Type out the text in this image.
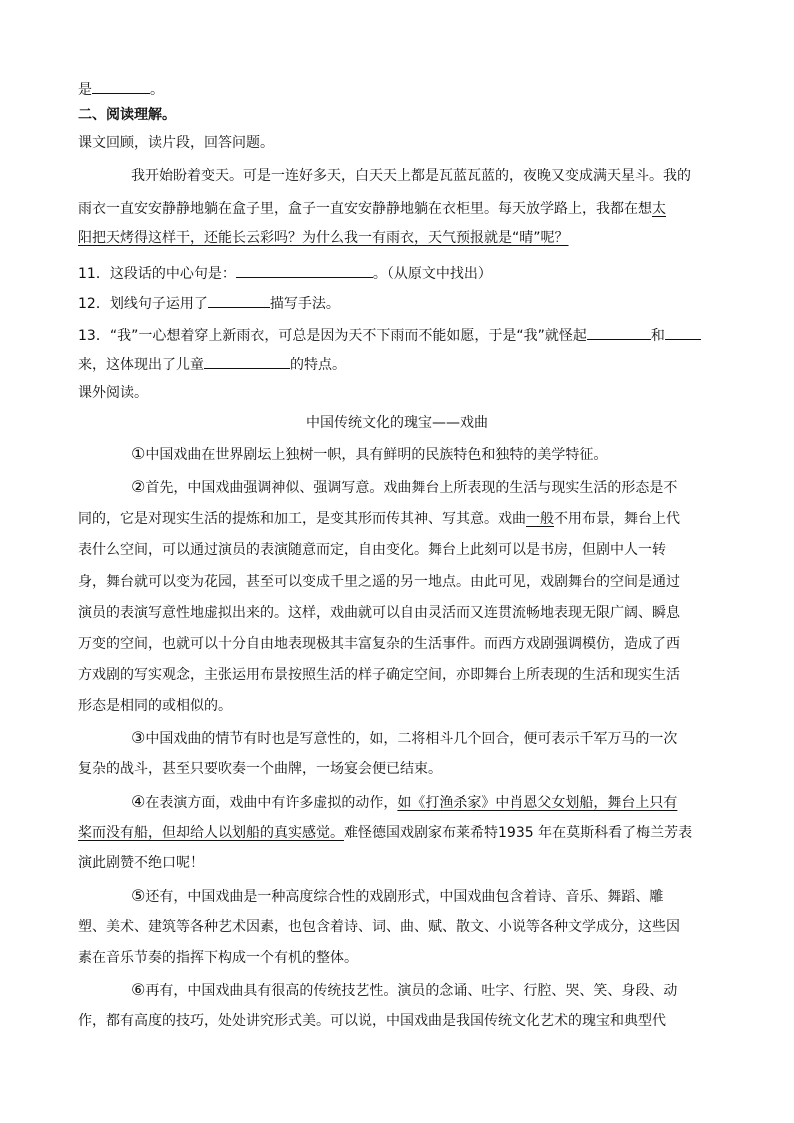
是	。
二、阅读理解。
课文回顾，读片段，回答问题。
我开始盼着变天。可是一连好多天，白天天上都是瓦蓝瓦蓝的，夜晚又变成满天星斗。我的
雨衣一直安安静静地躺在盒子里，盒子一直安安静静地躺在衣柜里。每天放学路上，我都在想太
阳把天烤得这样干，还能长云彩吗？为什么我一有雨衣，天气预报就是“晴”呢？
11．这段话的中心句是：	。（从原文中找出）
12．划线句子运用了	描写手法。
13．“我”一心想着穿上新雨衣，可总是因为天不下雨而不能如愿，于是“我”就怪起	和
来，这体现出了儿童	的特点。
课外阅读。
中国传统文化的瑰宝——戏曲
①中国戏曲在世界剧坛上独树一帜，具有鲜明的民族特色和独特的美学特征。
②首先，中国戏曲强调神似、强调写意。戏曲舞台上所表现的生活与现实生活的形态是不
同的，它是对现实生活的提炼和加工，是变其形而传其神、写其意。戏曲一般不用布景，舞台上代
表什么空间，可以通过演员的表演随意而定，自由变化。舞台上此刻可以是书房，但剧中人一转
身，舞台就可以变为花园，甚至可以变成千里之遥的另一地点。由此可见，戏剧舞台的空间是通过
演员的表演写意性地虚拟出来的。这样，戏曲就可以自由灵活而又连贯流畅地表现无限广阔、瞬息
万变的空间，也就可以十分自由地表现极其丰富复杂的生活事件。而西方戏剧强调模仿，造成了西
方戏剧的写实观念，主张运用布景按照生活的样子确定空间，亦即舞台上所表现的生活和现实生活
形态是相同的或相似的。
③中国戏曲的情节有时也是写意性的，如，二将相斗几个回合，便可表示千军万马的一次
复杂的战斗，甚至只要吹奏一个曲牌，一场宴会便已结束。
④在表演方面，戏曲中有许多虚拟的动作，如《打渔杀家》中肖恩父女划船，舞台上只有
桨而没有船，但却给人以划船的真实感觉。难怪德国戏剧家布莱希特1935 年在莫斯科看了梅兰芳表
演此剧赞不绝口呢！
⑤还有，中国戏曲是一种高度综合性的戏剧形式，中国戏曲包含着诗、音乐、舞蹈、雕
塑、美术、建筑等各种艺术因素，也包含着诗、词、曲、赋、散文、小说等各种文学成分，这些因
素在音乐节奏的指挥下构成一个有机的整体。
⑥再有，中国戏曲具有很高的传统技艺性。演员的念诵、吐字、行腔、哭、笑、身段、动
作，都有高度的技巧，处处讲究形式美。可以说，中国戏曲是我国传统文化艺术的瑰宝和典型代
